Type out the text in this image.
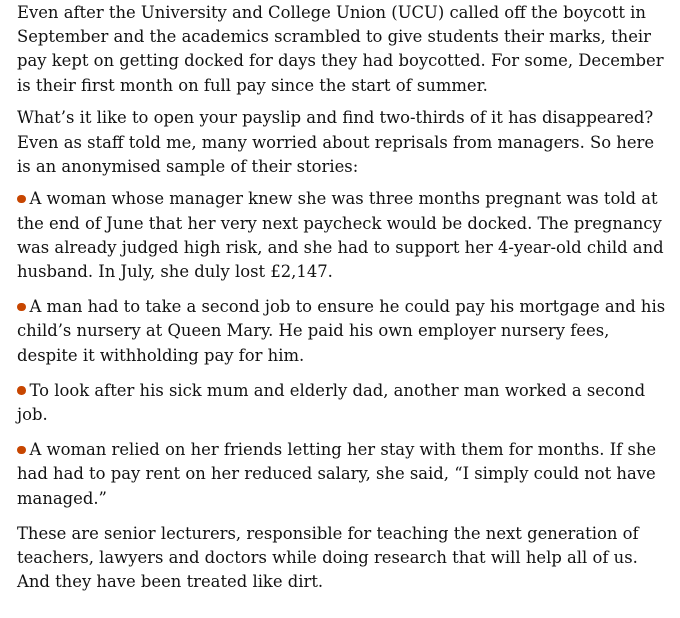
Even after the University and College Union (UCU) called off the boycott in September and the academics scrambled to give students their marks, their pay kept on getting docked for days they had boycotted. For some, December is their first month on full pay since the start of summer.

What’s it like to open your payslip and find two-thirds of it has disappeared? Even as staff told me, many worried about reprisals from managers. So here is an anonymised sample of their stories:

A woman whose manager knew she was three months pregnant was told at the end of June that her very next paycheck would be docked. The pregnancy was already judged high risk, and she had to support her 4-year-old child and husband. In July, she duly lost £2,147.

A man had to take a second job to ensure he could pay his mortgage and his child’s nursery at Queen Mary. He paid his own employer nursery fees, despite it withholding pay for him.

To look after his sick mum and elderly dad, another man worked a second job.

A woman relied on her friends letting her stay with them for months. If she had had to pay rent on her reduced salary, she said, “I simply could not have managed.”

These are senior lecturers, responsible for teaching the next generation of teachers, lawyers and doctors while doing research that will help all of us. And they have been treated like dirt.
